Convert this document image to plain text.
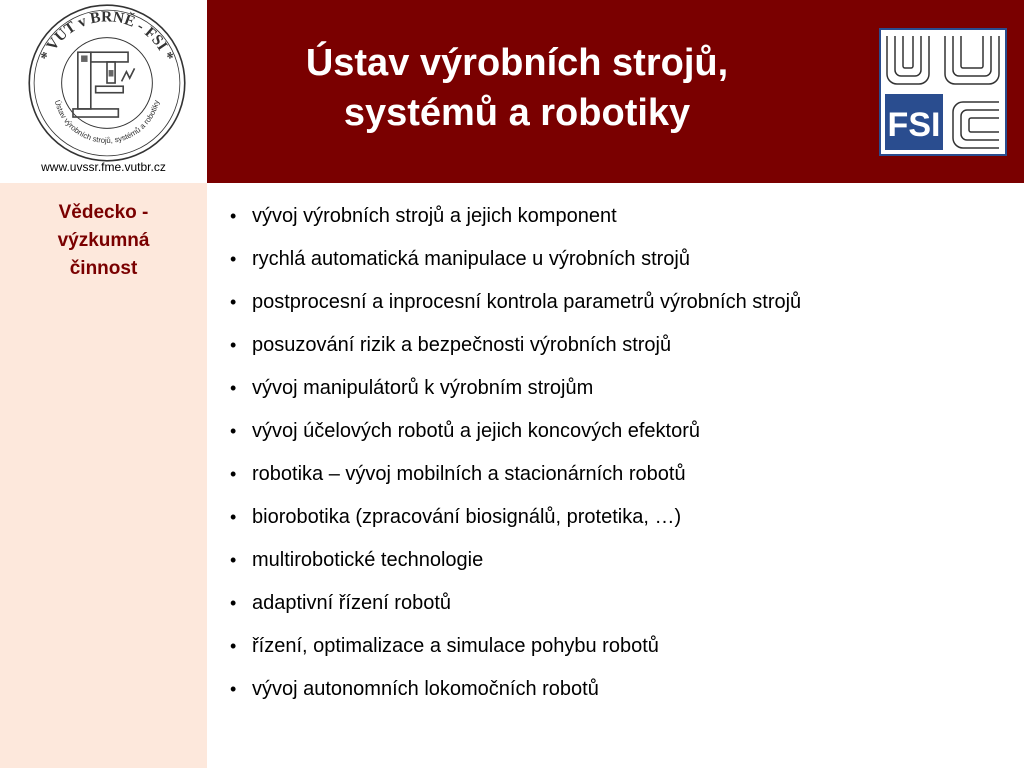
* VUT v BRNĚ - FSI *
Ústav výrobních strojů, systémů a robotiky
www.uvssr.fme.vutbr.cz
Ústav výrobních strojů,
systémů a robotiky	FSI
Vědecko -
výzkumná
činnost
• vývoj výrobních strojů a jejich komponent
• rychlá automatická manipulace u výrobních strojů
• postprocesní a inprocesní kontrola parametrů výrobních strojů
• posuzování rizik a bezpečnosti výrobních strojů
• vývoj manipulátorů k výrobním strojům
• vývoj účelových robotů a jejich koncových efektorů
• robotika – vývoj mobilních a stacionárních robotů
• biorobotika (zpracování biosignálů, protetika, …)
• multirobotické technologie
• adaptivní řízení robotů
• řízení, optimalizace a simulace pohybu robotů
• vývoj autonomních lokomočních robotů
